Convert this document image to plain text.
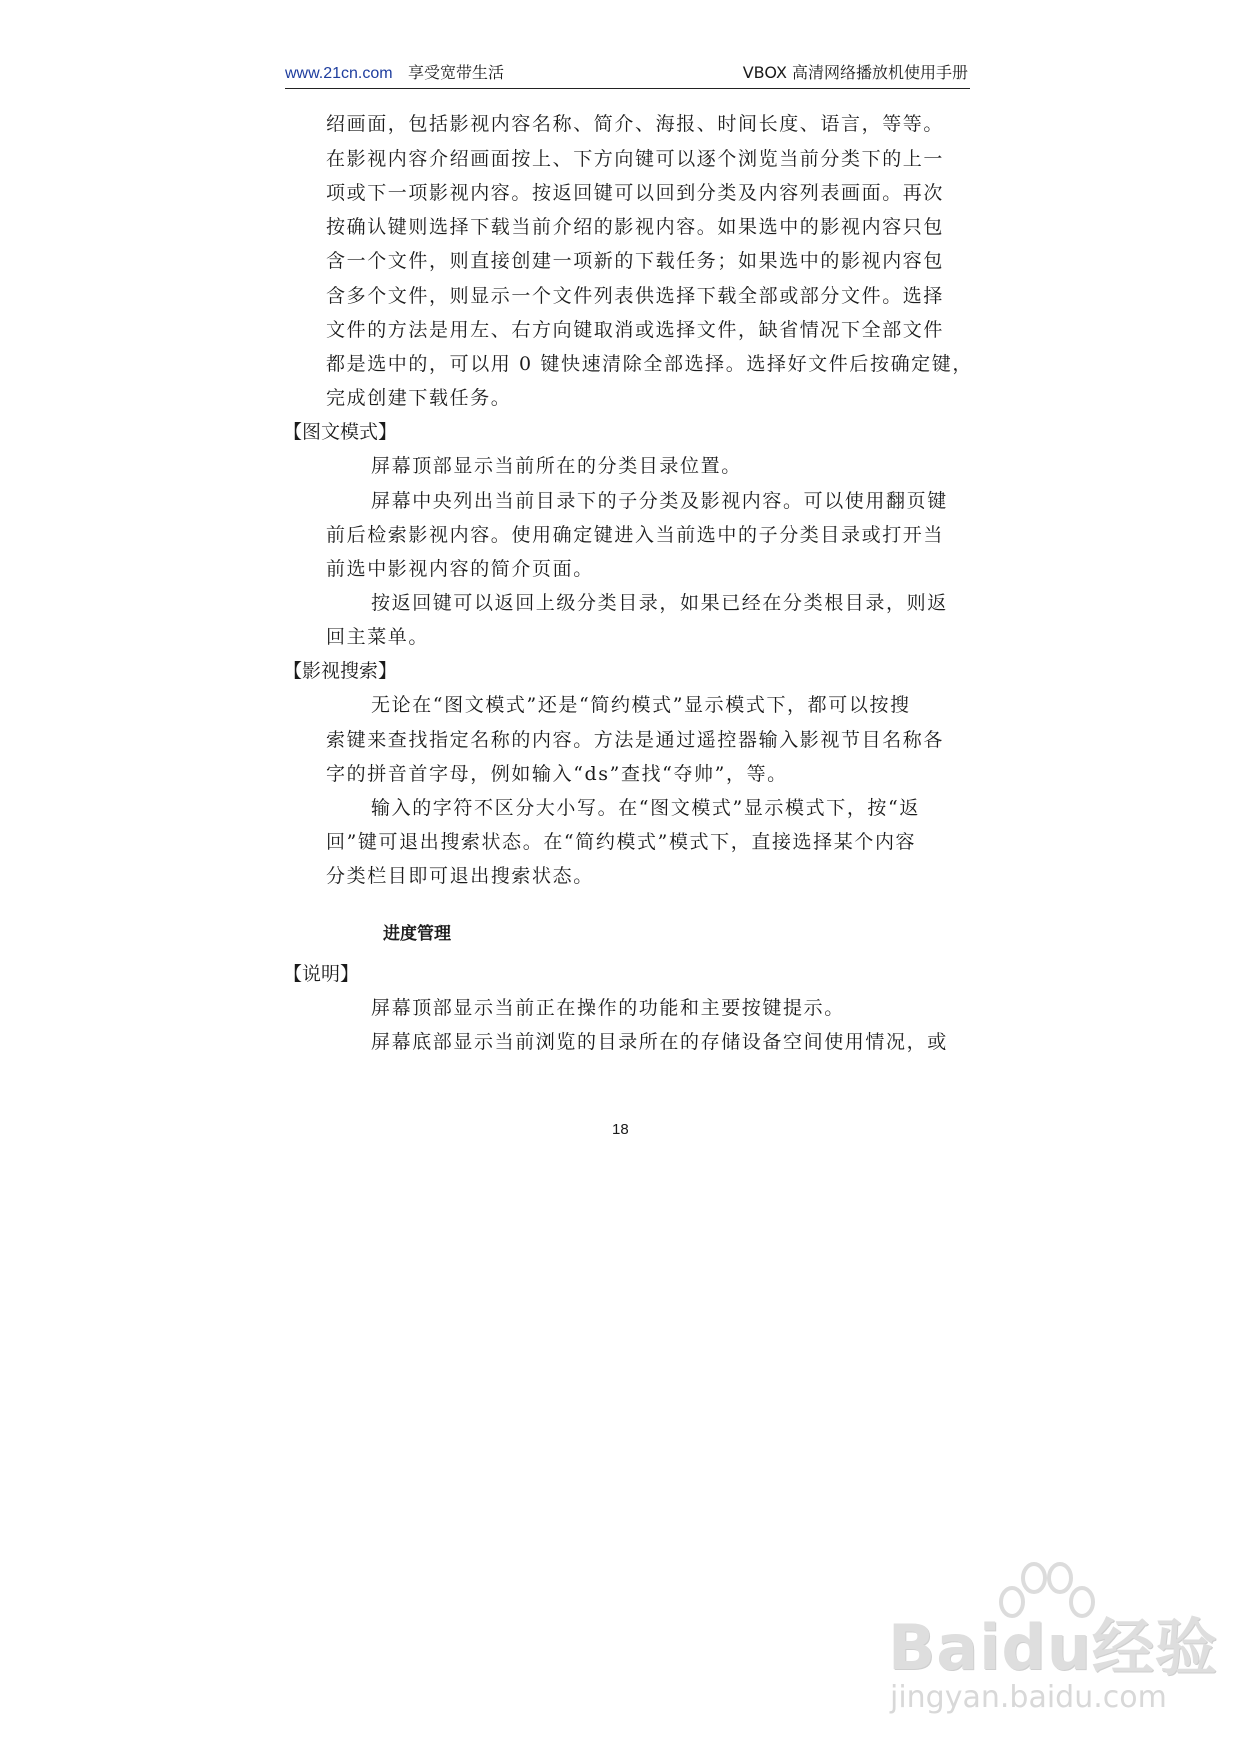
www.21cn.com 享受宽带生活	VBOX 高清网络播放机使用手册
绍画面，包括影视内容名称、简介、海报、时间长度、语言，等等。
在影视内容介绍画面按上、下方向键可以逐个浏览当前分类下的上一
项或下一项影视内容。按返回键可以回到分类及内容列表画面。再次
按确认键则选择下载当前介绍的影视内容。如果选中的影视内容只包
含一个文件，则直接创建一项新的下载任务；如果选中的影视内容包
含多个文件，则显示一个文件列表供选择下载全部或部分文件。选择
文件的方法是用左、右方向键取消或选择文件，缺省情况下全部文件
都是选中的，可以用 0 键快速清除全部选择。选择好文件后按确定键，
完成创建下载任务。
【图文模式】
屏幕顶部显示当前所在的分类目录位置。
屏幕中央列出当前目录下的子分类及影视内容。可以使用翻页键
前后检索影视内容。使用确定键进入当前选中的子分类目录或打开当
前选中影视内容的简介页面。
按返回键可以返回上级分类目录，如果已经在分类根目录，则返
回主菜单。
【影视搜索】
无论在“图文模式”还是“简约模式”显示模式下，都可以按搜
索键来查找指定名称的内容。方法是通过遥控器输入影视节目名称各
字的拼音首字母，例如输入“ds”查找“夺帅”，等。
输入的字符不区分大小写。在“图文模式”显示模式下，按“返
回”键可退出搜索状态。在“简约模式”模式下，直接选择某个内容
分类栏目即可退出搜索状态。
进度管理
【说明】
屏幕顶部显示当前正在操作的功能和主要按键提示。
屏幕底部显示当前浏览的目录所在的存储设备空间使用情况，或
18
Baidu经验
jingyan.baidu.com
